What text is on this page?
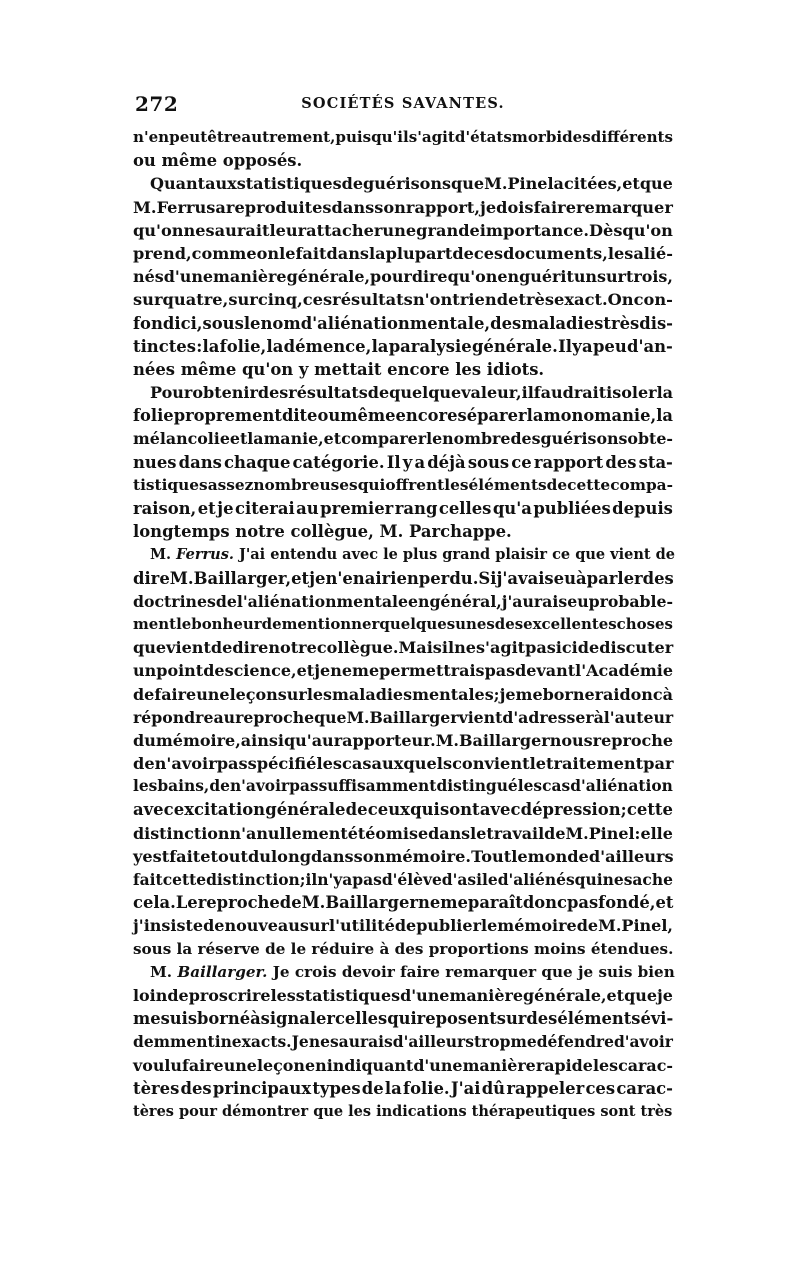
272	SOCIÉTÉS SAVANTES.
n'en peut être autrement, puisqu'il s'agit d'états morbides différents
ou même opposés.
Quant aux statistiques de guérisons que M. Pinel a citées, et que
M. Ferrus a reproduites dans son rapport, je dois faire remarquer
qu'on ne saurait leur attacher une grande importance. Dès qu'on
prend, comme on le fait dans la plupart de ces documents, les alié-
nés d'une manière générale, pour dire qu'on en guérit un sur trois,
sur quatre, sur cinq, ces résultats n'ont rien de très exact. On con-
fond ici, sous le nom d'aliénation mentale, des maladies très dis-
tinctes : la folie, la démence, la paralysie générale. Il y a peu d'an-
nées même qu'on y mettait encore les idiots.
Pour obtenir des résultats de quelque valeur, il faudrait isoler la
folie proprement dite ou même encore séparer la monomanie, la
mélancolie et la manie, et comparer le nombre des guérisons obte-
nues dans chaque catégorie. Il y a déjà sous ce rapport des sta-
tistiques assez nombreuses qui offrent les éléments de cette compa-
raison, et je citerai au premier rang celles qu'a publiées depuis
longtemps notre collègue, M. Parchappe.
M. Ferrus. J'ai entendu avec le plus grand plaisir ce que vient de
dire M. Baillarger, et je n'en ai rien perdu. Si j'avais eu à parler des
doctrines de l'aliénation mentale en général, j'aurais eu probable-
ment le bonheur de mentionner quelques unes des excellentes choses
que vient de dire notre collègue. Mais il ne s'agit pas ici de discuter
un point de science, et je ne me permettrais pas devant l'Académie
de faire une leçon sur les maladies mentales; je me bornerai donc à
répondre au reproche que M. Baillarger vient d'adresser à l'auteur
du mémoire, ainsi qu'au rapporteur. M. Baillarger nous reproche
de n'avoir pas spécifié les cas auxquels convient le traitement par
les bains, de n'avoir pas suffisamment distingué les cas d'aliénation
avec excitation générale de ceux qui sont avec dépression; cette
distinction n'a nullement été omise dans le travail de M. Pinel : elle
y est faite tout du long dans son mémoire. Tout le monde d'ailleurs
fait cette distinction; il n'y a pas d'élève d'asile d'aliénés qui ne sache
cela. Le reproche de M. Baillarger ne me paraît donc pas fondé, et
j'insiste de nouveau sur l'utilité de publier le mémoire de M. Pinel,
sous la réserve de le réduire à des proportions moins étendues.
M. Baillarger. Je crois devoir faire remarquer que je suis bien
loin de proscrire les statistiques d'une manière générale, et que je
me suis borné à signaler celles qui reposent sur des éléments évi-
demment inexacts. Je ne saurais d'ailleurs trop me défendre d'avoir
voulu faire une leçon en indiquant d'une manière rapide les carac-
tères des principaux types de la folie. J'ai dû rappeler ces carac-
tères pour démontrer que les indications thérapeutiques sont très
